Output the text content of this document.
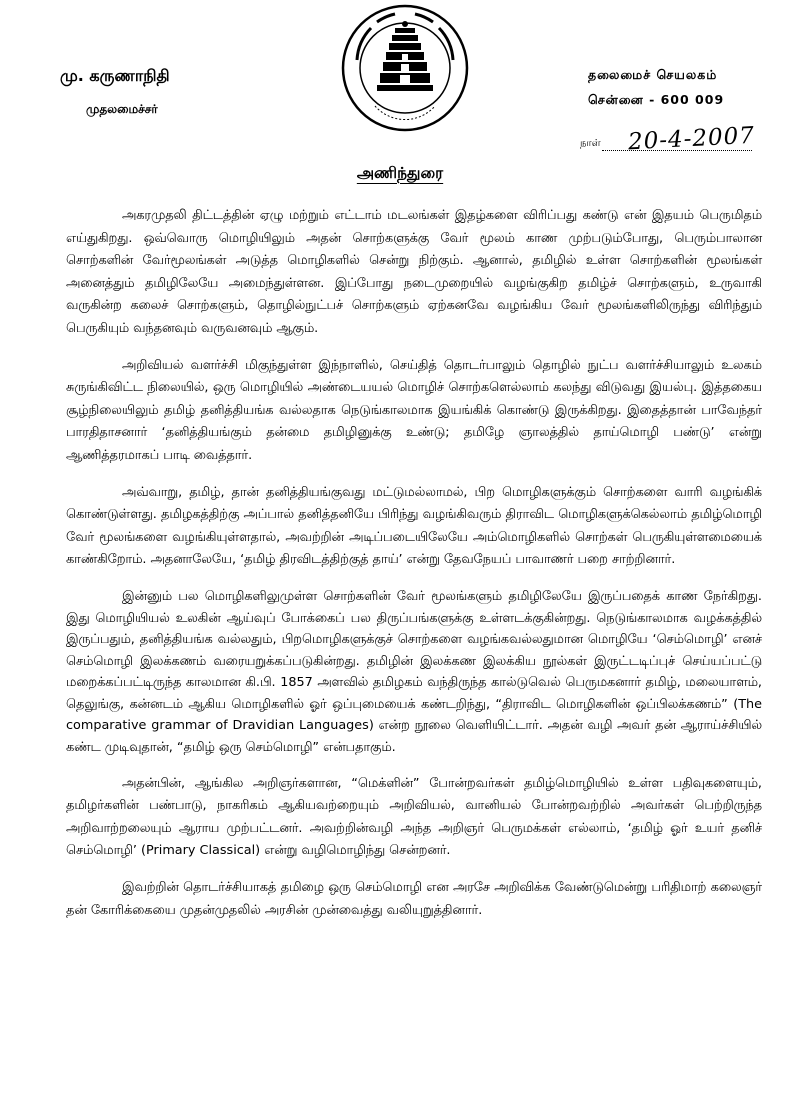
மு. கருணாநிதி
முதலமைச்சர்
தலைமைச் செயலகம்
சென்னை - 600 009
நாள் 20-4-2007
அணிந்துரை

அகரமுதலி திட்டத்தின் ஏழு மற்றும் எட்டாம் மடலங்கள் இதழ்களை விரிப்பது கண்டு என் இதயம் பெருமிதம் எய்துகிறது. ஒவ்வொரு மொழியிலும் அதன் சொற்களுக்கு வேர் மூலம் காண முற்படும்போது, பெரும்பாலான சொற்களின் வேர்மூலங்கள் அடுத்த மொழிகளில் சென்று நிற்கும். ஆனால், தமிழில் உள்ள சொற்களின் மூலங்கள் அனைத்தும் தமிழிலேயே அமைந்துள்ளன. இப்போது நடைமுறையில் வழங்குகிற தமிழ்ச் சொற்களும், உருவாகி வருகின்ற கலைச் சொற்களும், தொழில்நுட்பச் சொற்களும் ஏற்கனவே வழங்கிய வேர் மூலங்களிலிருந்து விரிந்தும் பெருகியும் வந்தனவும் வருவனவும் ஆகும்.

அறிவியல் வளர்ச்சி மிகுந்துள்ள இந்நாளில், செய்தித் தொடர்பாலும் தொழில் நுட்ப வளர்ச்சியாலும் உலகம் சுருங்கிவிட்ட நிலையில், ஒரு மொழியில் அண்டையயல் மொழிச் சொற்களெல்லாம் கலந்து விடுவது இயல்பு. இத்தகைய சூழ்நிலையிலும் தமிழ் தனித்தியங்க வல்லதாக நெடுங்காலமாக இயங்கிக் கொண்டு இருக்கிறது. இதைத்தான் பாவேந்தர் பாரதிதாசனார் ‘தனித்தியங்கும் தன்மை தமிழினுக்கு உண்டு; தமிழே ஞாலத்தில் தாய்மொழி பண்டு’ என்று ஆணித்தரமாகப் பாடி வைத்தார்.

அவ்வாறு, தமிழ், தான் தனித்தியங்குவது மட்டுமல்லாமல், பிற மொழிகளுக்கும் சொற்களை வாரி வழங்கிக் கொண்டுள்ளது. தமிழகத்திற்கு அப்பால் தனித்தனியே பிரிந்து வழங்கிவரும் திராவிட மொழிகளுக்கெல்லாம் தமிழ்மொழி வேர் மூலங்களை வழங்கியுள்ளதால், அவற்றின் அடிப்படையிலேயே அம்மொழிகளில் சொற்கள் பெருகியுள்ளமையைக் காண்கிறோம். அதனாலேயே, ‘தமிழ் திரவிடத்திற்குத் தாய்’ என்று தேவநேயப் பாவாணர் பறை சாற்றினார்.

இன்னும் பல மொழிகளிலுமுள்ள சொற்களின் வேர் மூலங்களும் தமிழிலேயே இருப்பதைக் காண நேர்கிறது. இது மொழியியல் உலகின் ஆய்வுப் போக்கைப் பல திருப்பங்களுக்கு உள்ளடக்குகின்றது. நெடுங்காலமாக வழக்கத்தில் இருப்பதும், தனித்தியங்க வல்லதும், பிறமொழிகளுக்குச் சொற்களை வழங்கவல்லதுமான மொழியே ‘செம்மொழி’ எனச் செம்மொழி இலக்கணம் வரையறுக்கப்படுகின்றது. தமிழின் இலக்கண இலக்கிய நூல்கள் இருட்டடிப்புச் செய்யப்பட்டு மறைக்கப்பட்டிருந்த காலமான கி.பி. 1857 அளவில் தமிழகம் வந்திருந்த கால்டுவெல் பெருமகனார் தமிழ், மலையாளம், தெலுங்கு, கன்னடம் ஆகிய மொழிகளில் ஓர் ஒப்புமையைக் கண்டறிந்து, “திராவிட மொழிகளின் ஒப்பிலக்கணம்” (The comparative grammar of Dravidian Languages) என்ற நூலை வெளியிட்டார். அதன் வழி அவர் தன் ஆராய்ச்சியில் கண்ட முடிவுதான், “தமிழ் ஒரு செம்மொழி” என்பதாகும்.

அதன்பின், ஆங்கில அறிஞர்களான, “மெக்ளின்” போன்றவர்கள் தமிழ்மொழியில் உள்ள பதிவுகளையும், தமிழர்களின் பண்பாடு, நாகரிகம் ஆகியவற்றையும் அறிவியல், வானியல் போன்றவற்றில் அவர்கள் பெற்றிருந்த அறிவாற்றலையும் ஆராய முற்பட்டனர். அவற்றின்வழி அந்த அறிஞர் பெருமக்கள் எல்லாம், ‘தமிழ் ஓர் உயர் தனிச் செம்மொழி’ (Primary Classical) என்று வழிமொழிந்து சென்றனர்.

இவற்றின் தொடர்ச்சியாகத் தமிழை ஒரு செம்மொழி என அரசே அறிவிக்க வேண்டுமென்று பரிதிமாற் கலைஞர் தன் கோரிக்கையை முதன்முதலில் அரசின் முன்வைத்து வலியுறுத்தினார்.
